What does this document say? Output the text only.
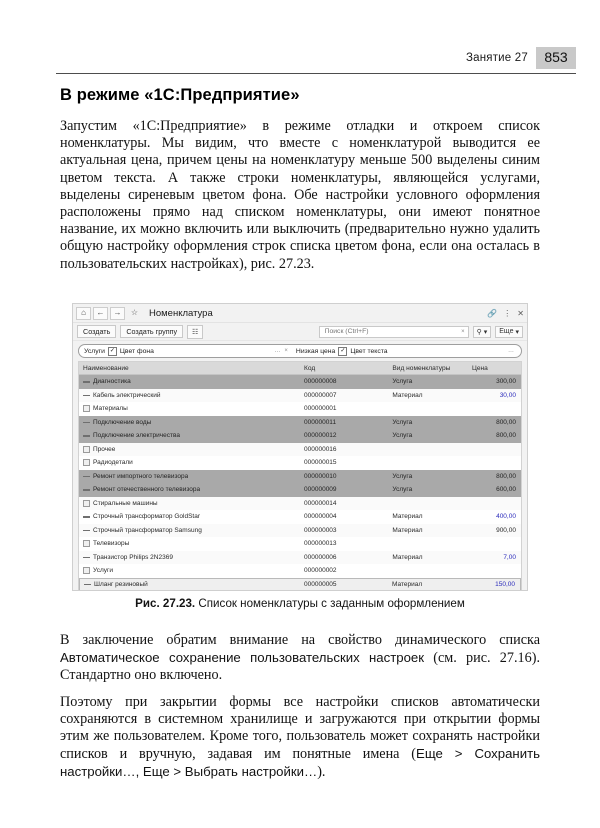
Занятие 27	853
В режиме «1С:Предприятие»

Запустим «1С:Предприятие» в режиме отладки и откроем список номенклатуры. Мы видим, что вместе с номенклатурой выводится ее актуальная цена, причем цены на номенклатуру меньше 500 выделены синим цветом текста. А также строки номенклатуры, являющейся услугами, выделены сиреневым цветом фона. Обе настройки условного оформления расположены прямо над списком номенклатуры, они имеют понятное название, их можно включить или выключить (предварительно нужно удалить общую настройку оформления строк списка цветом фона, если она осталась в пользовательских настройках), рис. 27.23.

⌂	←	→	☆	Номенклатура	🔗 ⋮ ✕
Создать	Создать группу	☷
Поиск (Ctrl+F)	× ⚲ ▾ Еще ▾
Услуги ✓ Цвет фона	… × Низкая цена ✓ Цвет текста	…
Наименование	Код	Вид номенклатуры	Цена
Диагностика	000000008	Услуга	300,00
Кабель электрический	000000007	Материал	30,00
Материалы	000000001
Подключение воды	000000011	Услуга	800,00
Подключение электричества	000000012	Услуга	800,00
Прочее	000000016
Радиодетали	000000015
Ремонт импортного телевизора	000000010	Услуга	800,00
Ремонт отечественного телевизора	000000009	Услуга	600,00
Стиральные машины	000000014
Строчный трансформатор GoldStar	000000004	Материал	400,00
Строчный трансформатор Samsung	000000003	Материал	900,00
Телевизоры	000000013
Транзистор Philips 2N2369	000000006	Материал	7,00
Услуги	000000002
Шланг резиновый	000000005	Материал	150,00
Рис. 27.23. Список номенклатуры с заданным оформлением

В заключение обратим внимание на свойство динамического списка Автоматическое сохранение пользовательских настроек (см. рис. 27.16). Стандартно оно включено.

Поэтому при закрытии формы все настройки списков автоматически сохраняются в системном хранилище и загружаются при открытии формы этим же пользователем. Кроме того, пользователь может сохранять настройки списков и вручную, задавая им понятные имена (Еще > Сохранить настройки…, Еще > Выбрать настройки…).
